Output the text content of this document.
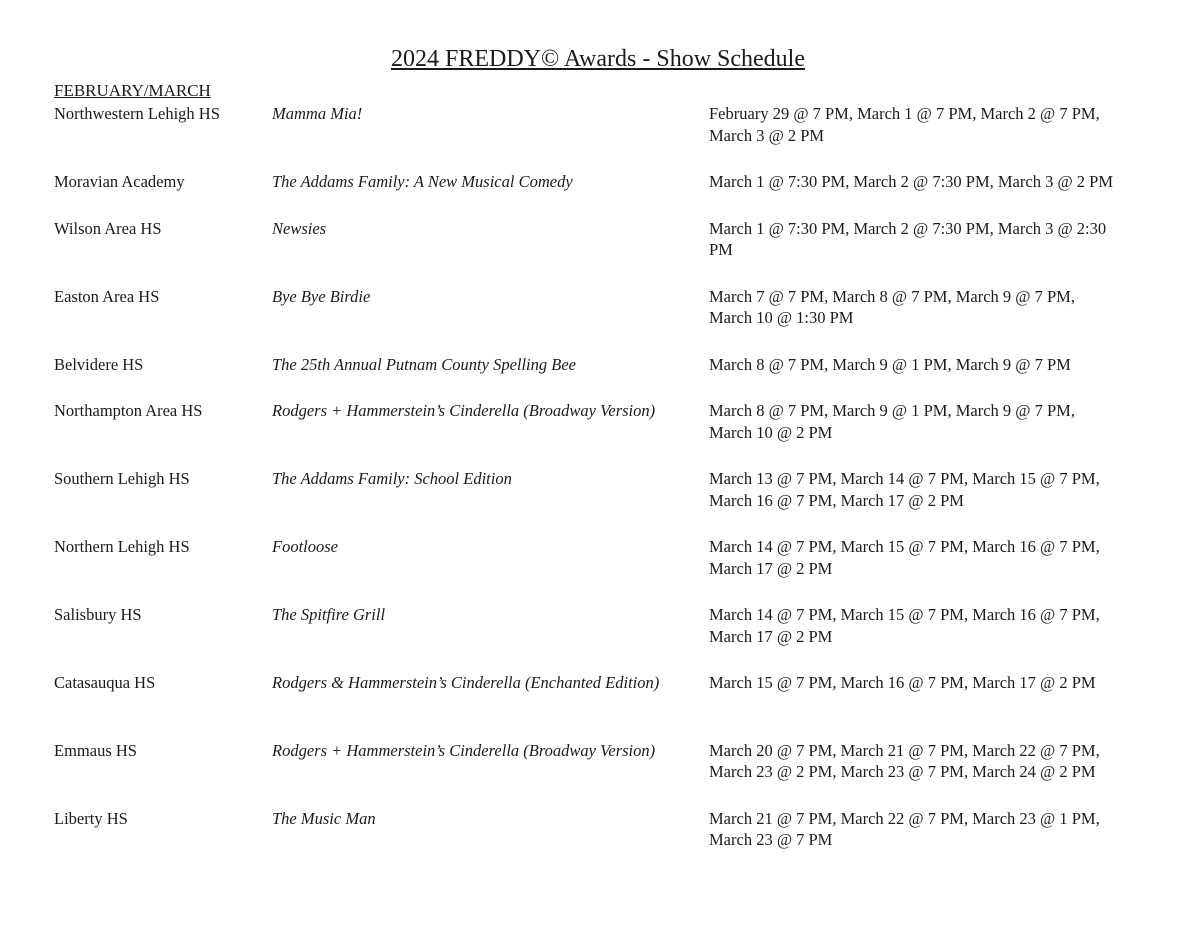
2024 FREDDY© Awards - Show Schedule

FEBRUARY/MARCH

Northwestern Lehigh HS	Mamma Mia!	February 29 @ 7 PM, March 1 @ 7 PM, March 2 @ 7 PM, March 3 @ 2 PM
Moravian Academy	The Addams Family: A New Musical Comedy	March 1 @ 7:30 PM, March 2 @ 7:30 PM, March 3 @ 2 PM
Wilson Area HS	Newsies	March 1 @ 7:30 PM, March 2 @ 7:30 PM, March 3 @ 2:30 PM
Easton Area HS	Bye Bye Birdie	March 7 @ 7 PM, March 8 @ 7 PM, March 9 @ 7 PM, March 10 @ 1:30 PM
Belvidere HS	The 25th Annual Putnam County Spelling Bee	March 8 @ 7 PM, March 9 @ 1 PM, March 9 @ 7 PM
Northampton Area HS	Rodgers + Hammerstein’s Cinderella (Broadway Version)	March 8 @ 7 PM, March 9 @ 1 PM, March 9 @ 7 PM, March 10 @ 2 PM
Southern Lehigh HS	The Addams Family: School Edition	March 13 @ 7 PM, March 14 @ 7 PM, March 15 @ 7 PM, March 16 @ 7 PM, March 17 @ 2 PM
Northern Lehigh HS	Footloose	March 14 @ 7 PM, March 15 @ 7 PM, March 16 @ 7 PM, March 17 @ 2 PM
Salisbury HS	The Spitfire Grill	March 14 @ 7 PM, March 15 @ 7 PM, March 16 @ 7 PM, March 17 @ 2 PM
Catasauqua HS	Rodgers & Hammerstein’s Cinderella (Enchanted Edition)	March 15 @ 7 PM, March 16 @ 7 PM, March 17 @ 2 PM
Emmaus HS	Rodgers + Hammerstein’s Cinderella (Broadway Version)	March 20 @ 7 PM, March 21 @ 7 PM, March 22 @ 7 PM, March 23 @ 2 PM, March 23 @ 7 PM, March 24 @ 2 PM
Liberty HS	The Music Man	March 21 @ 7 PM, March 22 @ 7 PM, March 23 @ 1 PM, March 23 @ 7 PM
